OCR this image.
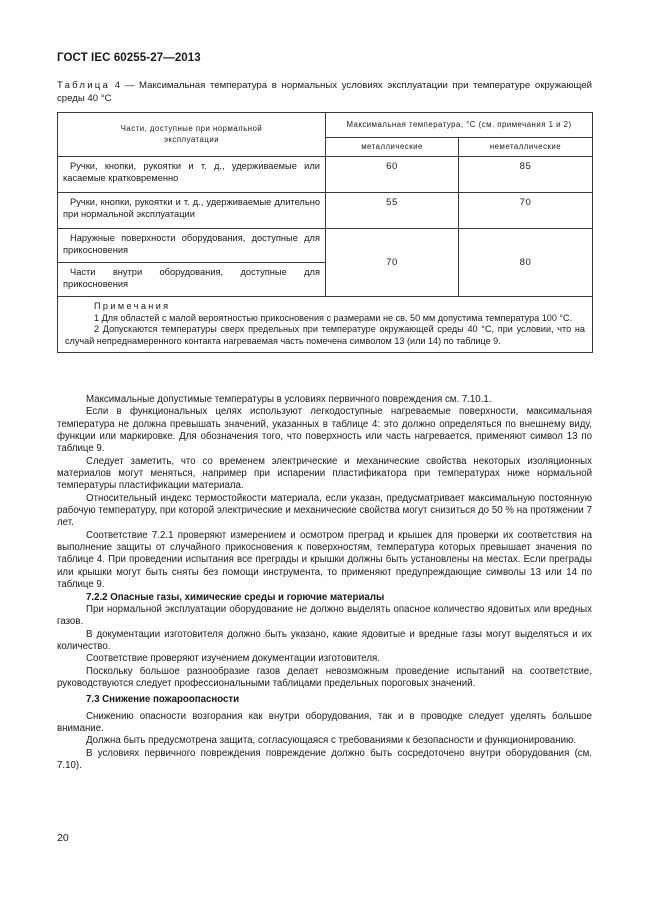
ГОСТ IEC 60255-27—2013
Таблица 4 — Максимальная температура в нормальных условиях эксплуатации при температуре окружающей среды 40 °С
Части, доступные при нормальной эксплуатации	Максимальная температура, °С (см. примечания 1 и 2)	
	металлические	неметаллические
Ручки, кнопки, рукоятки и т. д., удерживаемые или касаемые кратковременно	60	85
Ручки, кнопки, рукоятки и т. д., удерживаемые длительно при нормальной эксплуатации	55	70
Наружные поверхности оборудования, доступные для прикосновения	70	80
Части внутри оборудования, доступные для прикосновения		

Примечания
1 Для областей с малой вероятностью прикосновения с размерами не св. 50 мм допустима температура 100 °С.
2 Допускаются температуры сверх предельных при температуре окружающей среды 40 °С, при условии, что на случай непреднамеренного контакта нагреваемая часть помечена символом 13 (или 14) по таблице 9.		

Максимальные допустимые температуры в условиях первичного повреждения см. 7.10.1.

Если в функциональных целях используют легкодоступные нагреваемые поверхности, максимальная температура не должна превышать значений, указанных в таблице 4: это должно определяться по внешнему виду, функции или маркировке. Для обозначения того, что поверхность или часть нагревается, применяют символ 13 по таблице 9.

Следует заметить, что со временем электрические и механические свойства некоторых изоляционных материалов могут меняться, например при испарении пластификатора при температурах ниже нормальной температуры пластификации материала.

Относительный индекс термостойкости материала, если указан, предусматривает максимальную постоянную рабочую температуру, при которой электрические и механические свойства могут снизиться до 50 % на протяжении 7 лет.

Соответствие 7.2.1 проверяют измерением и осмотром преград и крышек для проверки их соответствия на выполнение защиты от случайного прикосновения к поверхностям, температура которых превышает значения по таблице 4. При проведении испытания все преграды и крышки должны быть установлены на местах. Если преграды или крышки могут быть сняты без помощи инструмента, то применяют предупреждающие символы 13 или 14 по таблице 9.

7.2.2 Опасные газы, химические среды и горючие материалы

При нормальной эксплуатации оборудование не должно выделять опасное количество ядовитых или вредных газов.

В документации изготовителя должно быть указано, какие ядовитые и вредные газы могут выделяться и их количество.

Соответствие проверяют изучением документации изготовителя.

Поскольку большое разнообразие газов делает невозможным проведение испытаний на соответствие, руководствуются следует профессиональными таблицами предельных пороговых значений.

7.3 Снижение пожароопасности

Снижению опасности возгорания как внутри оборудования, так и в проводке следует уделять большое внимание.

Должна быть предусмотрена защита, согласующаяся с требованиями к безопасности и функционированию.

В условиях первичного повреждения повреждение должно быть сосредоточено внутри оборудования (см. 7.10).

20
